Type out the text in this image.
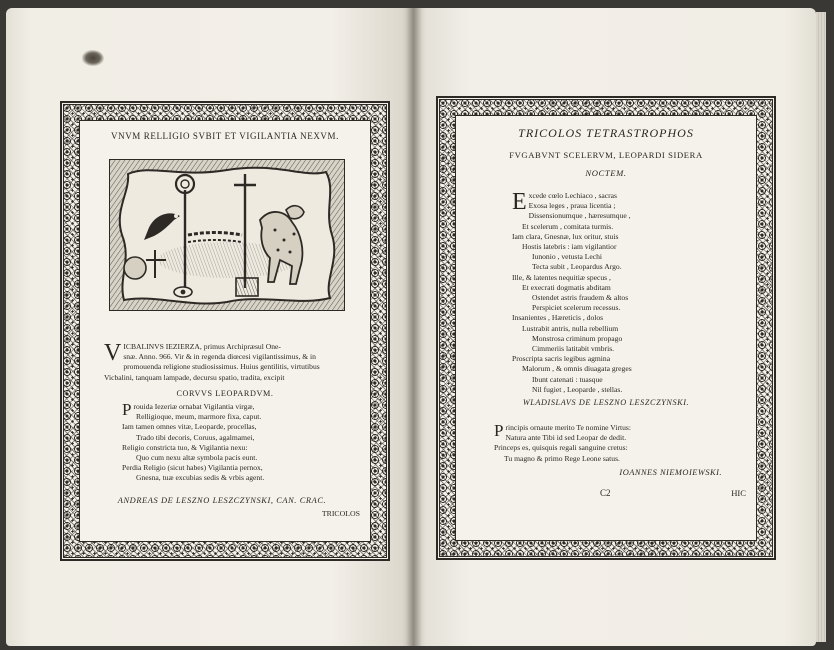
VNVM RELLIGIO SVBIT ET VIGILANTIA NEXVM.
V ICBALINVS IEZIERZA, primus Archipræsul One-
snæ. Anno. 966. Vir & in regenda diœcesi vigilantissimus, & in
promouenda religione studiosissimus. Huius gentilitis, virtutibus
Vicbalini, tanquam lampade, decursu spatio, tradita, excipit
CORVVS LEOPARDVM.
P rouida Iezeriæ ornabat Vigilantia virgæ,
Relligioque, meum, marmore fixa, caput.
Iam tamen omnes vitæ, Leoparde, procellas,
Trado tibi decoris, Coruus, agalmamei,
Religio constricta tuo, & Vigilantia nexu:
Quo cum nexu altæ symbola pacis eunt.
Perdia Religio (sicut habes) Vigilantia pernox,
Gnesna, tuæ excubias sedis & vrbis agent.
ANDREAS DE LESZNO LESZCZYNSKI, CAN. CRAC.
TRICOLOS
TRICOLOS TETRASTROPHOS
FVGABVNT SCELERVM, LEOPARDI SIDERA
NOCTEM.
E xcede cœlo Lechiaco , sacras
Exosa leges , praua licentia ;
Dissensionumque , hæresumque ,
Et scelerum , comitata turmis.
Iam clara, Gnesnæ, lux oritur, stuis
Hostis latebris : iam vigilantior
Iunonio , vetusta Lechi
Tecta subit , Leopardus Argo.
Ille, & latentes nequitiæ specus ,
Et execrati dogmatis abditam
Ostendet astris fraudem & altos
Perspiciet scelerum recessus.
Insanientes , Hæreticis , dolos
Lustrabit antris, nulla rebellium
Monstrosa criminum propago
Cimmeriis latitabit vmbris.
Proscripta sacris legibus agmina
Malorum , & omnis diuagata greges
Ibunt catenati : tuasque
Nil fugiet , Leoparde , stellas.
WLADISLAVS DE LESZNO LESZCZYNSKI.
P rincipis ornaute merito Te nomine Virtus:
Natura ante Tibi id sed Leopar de dedit.
Princeps es, quisquis regali sanguine cretus:
Tu magno & primo Rege Leone satus.
IOANNES NIEMOIEWSKI.
C2	HIC
